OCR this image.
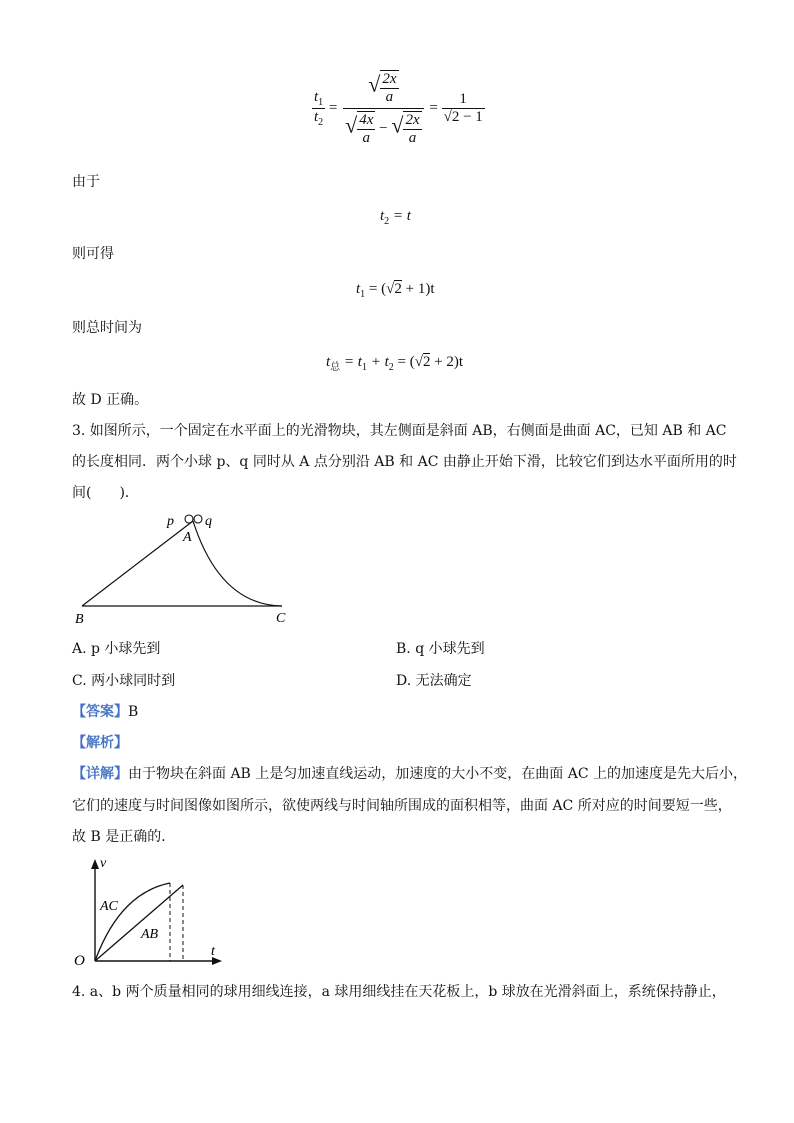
$\frac{t_1}{t_2} = \frac{√ \frac{2x}{a}}{√ \frac{4x}{a} - √ \frac{2x}{a}} = \frac{1}{√2 - 1}$
由于
$t_2 = t$
则可得
$t_1 = (√2 + 1)t$
则总时间为
$t_总 = t_1 + t_2 = (√2 + 2)t$
故 D 正确。
3. 如图所示，一个固定在水平面上的光滑物块，其左侧面是斜面 AB，右侧面是曲面 AC，已知 AB 和 AC
的长度相同．两个小球 p、q 同时从 A 点分别沿 AB 和 AC 由静止开始下滑，比较它们到达水平面所用的时
间(　　)．
p q
A
B	C
A. p 小球先到	B. q 小球先到
C. 两小球同时到	D. 无法确定
【答案】B
【解析】
【详解】由于物块在斜面 AB 上是匀加速直线运动，加速度的大小不变，在曲面 AC 上的加速度是先大后小，
它们的速度与时间图像如图所示，欲使两线与时间轴所围成的面积相等，曲面 AC 所对应的时间要短一些，
故 B 是正确的．
v
t
O
AC
AB
4. a、b 两个质量相同的球用细线连接，a 球用细线挂在天花板上，b 球放在光滑斜面上，系统保持静止，
